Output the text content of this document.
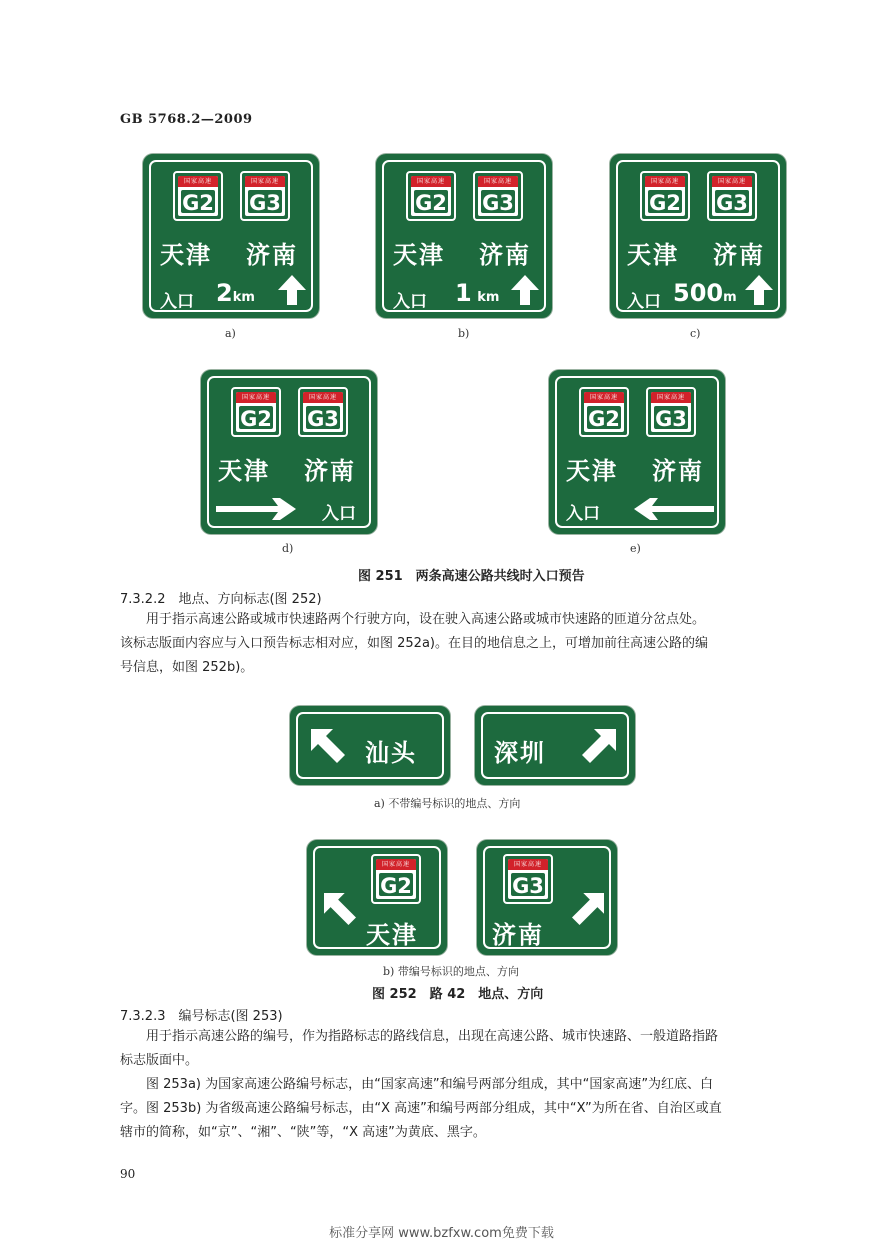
GB 5768.2—2009
国家高速
G2
国家高速
G3
天津 济南
入口 2km
a)
国家高速
G2
国家高速
G3
天津 济南
入口 1 km
b)
国家高速
G2
国家高速
G3
天津 济南
入口 500m
c)
国家高速
G2
国家高速
G3
天津 济南
入口
d)
国家高速
G2
国家高速
G3
天津 济南
入口
e)
图 251　两条高速公路共线时入口预告
7.3.2.2　地点、方向标志(图 252)
用于指示高速公路或城市快速路两个行驶方向，设在驶入高速公路或城市快速路的匝道分岔点处。
该标志版面内容应与入口预告标志相对应，如图 252a)。在目的地信息之上，可增加前往高速公路的编
号信息，如图 252b)。
汕头	深圳
a) 不带编号标识的地点、方向
国家高速
G2
天津
国家高速
G3
济南
b) 带编号标识的地点、方向
图 252　路 42　地点、方向
7.3.2.3　编号标志(图 253)
用于指示高速公路的编号，作为指路标志的路线信息，出现在高速公路、城市快速路、一般道路指路
标志版面中。
图 253a) 为国家高速公路编号标志，由“国家高速”和编号两部分组成，其中“国家高速”为红底、白
字。图 253b) 为省级高速公路编号标志，由“X 高速”和编号两部分组成，其中“X”为所在省、自治区或直
辖市的简称，如“京”、“湘”、“陕”等，“X 高速”为黄底、黑字。
90
标准分享网 www.bzfxw.com免费下载
